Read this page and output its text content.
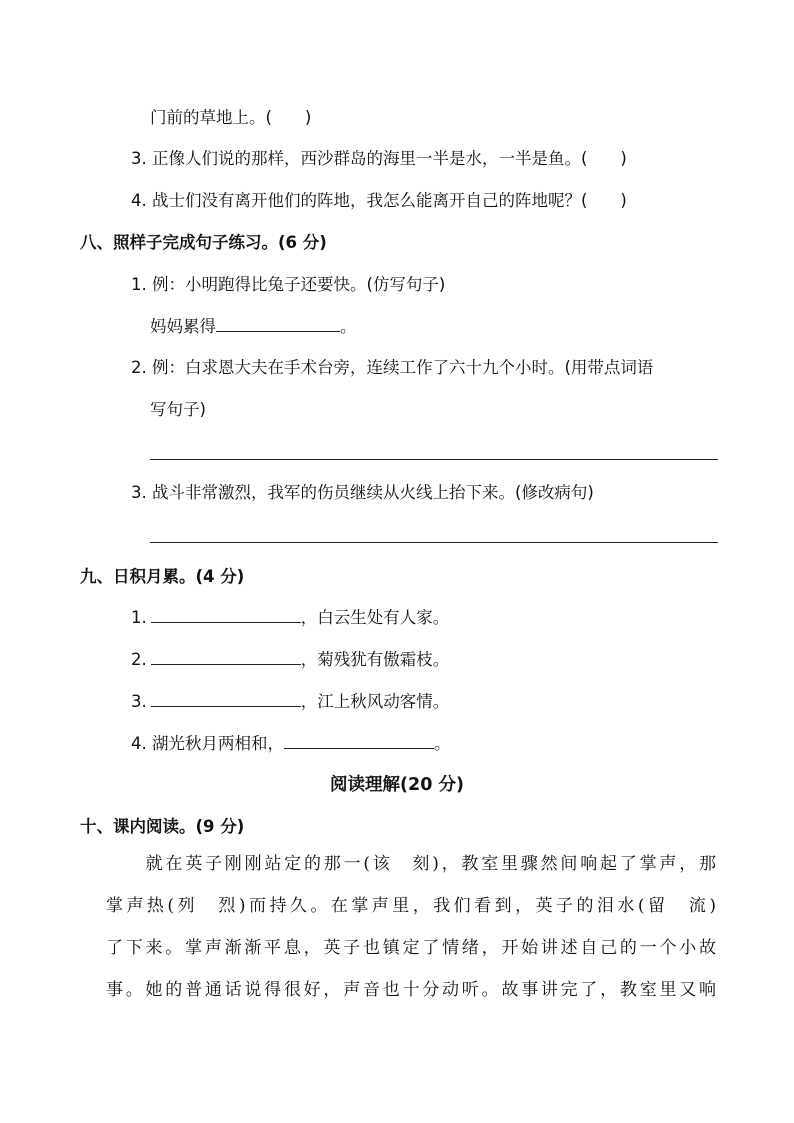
门前的草地上。(　　)
3. 正像人们说的那样，西沙群岛的海里一半是水，一半是鱼。(　　)
4. 战士们没有离开他们的阵地，我怎么能离开自己的阵地呢？(　　)
八、照样子完成句子练习。(6 分)
1. 例：小明跑得比兔子还要快。(仿写句子)
妈妈累得	。
2. 例：白求恩大夫在手术台旁，连续工作了六十九个小时。(用带点词语
写句子)
3. 战斗非常激烈，我军的伤员继续从火线上抬下来。(修改病句)
九、日积月累。(4 分)
1.	，白云生处有人家。
2.	，菊残犹有傲霜枝。
3.	，江上秋风动客情。
4. 湖光秋月两相和，	。
阅读理解(20 分)
十、课内阅读。(9 分)
　　就在英子刚刚站定的那一(该　刻)，教室里骤然间响起了掌声，那
掌声热(列　烈)而持久。在掌声里，我们看到，英子的泪水(留　流)
了下来。掌声渐渐平息，英子也镇定了情绪，开始讲述自己的一个小故
事。她的普通话说得很好，声音也十分动听。故事讲完了，教室里又响
